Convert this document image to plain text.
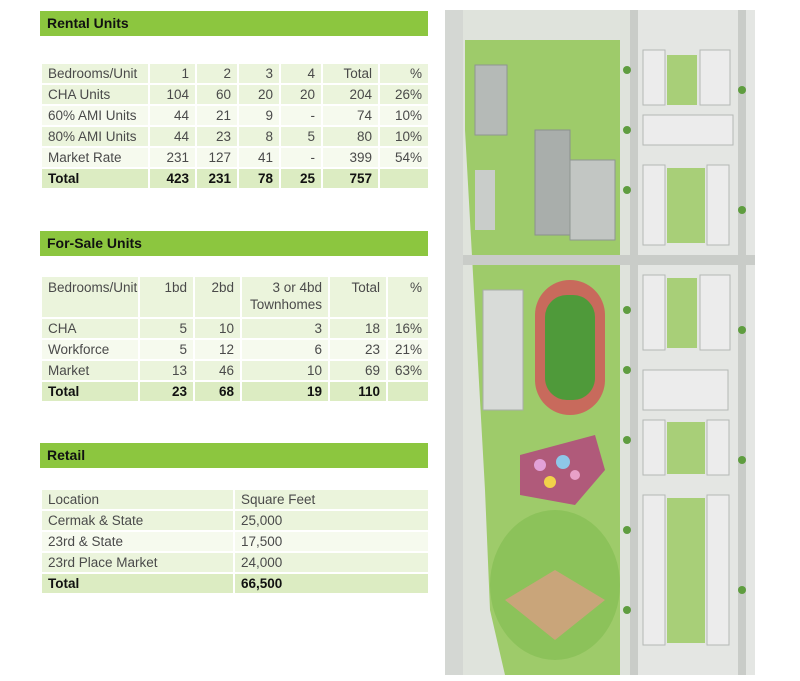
Rental Units
Bedrooms/Unit	1	2	3	4	Total	%
CHA Units	104	60	20	20	204	26%
60% AMI Units	44	21	9	-	74	10%
80% AMI Units	44	23	8	5	80	10%
Market Rate	231	127	41	-	399	54%
Total	423	231	78	25	757	
For-Sale Units
Bedrooms/Unit	1bd	2bd	3 or 4bd Townhomes	Total	%
CHA	5	10	3	18	16%
Workforce	5	12	6	23	21%
Market	13	46	10	69	63%
Total	23	68	19	110	
Retail
Location	Square Feet
Cermak & State	25,000
23rd & State	17,500
23rd Place Market	24,000
Total	66,500
